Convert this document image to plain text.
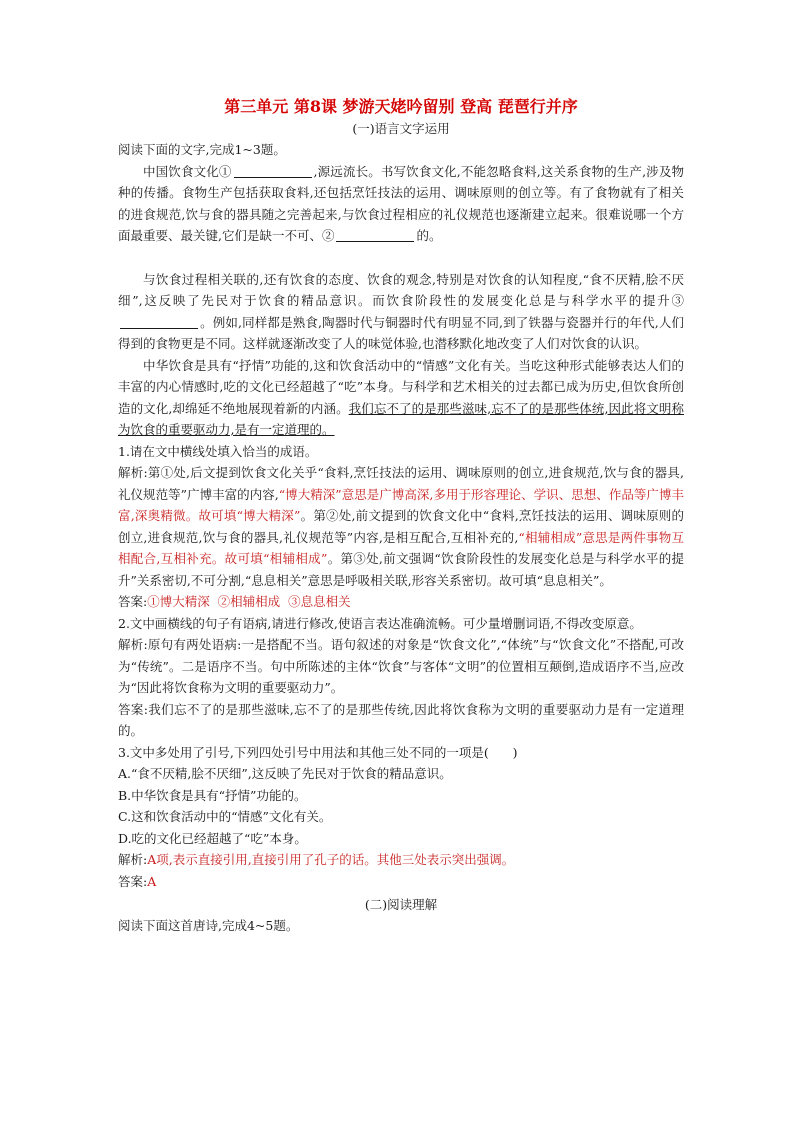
第三单元 第8课 梦游天姥吟留别 登高 琵琶行并序
(一)语言文字运用

阅读下面的文字,完成1~3题。

中国饮食文化①	,源远流长。书写饮食文化,不能忽略食料,这关系食物的生产,涉及物种的传播。食物生产包括获取食料,还包括烹饪技法的运用、调味原则的创立等。有了食物就有了相关的进食规范,饮与食的器具随之完善起来,与饮食过程相应的礼仪规范也逐渐建立起来。很难说哪一个方面最重要、最关键,它们是缺一不可、②	的。

与饮食过程相关联的,还有饮食的态度、饮食的观念,特别是对饮食的认知程度,“食不厌精,脍不厌细”,这反映了先民对于饮食的精品意识。而饮食阶段性的发展变化总是与科学水平的提升③。例如,同样都是熟食,陶器时代与铜器时代有明显不同,到了铁器与瓷器并行的年代,人们得到的食物更是不同。这样就逐渐改变了人的味觉体验,也潜移默化地改变了人们对饮食的认识。

中华饮食是具有“抒情”功能的,这和饮食活动中的“情感”文化有关。当吃这种形式能够表达人们的丰富的内心情感时,吃的文化已经超越了“吃”本身。与科学和艺术相关的过去都已成为历史,但饮食所创造的文化,却绵延不绝地展现着新的内涵。我们忘不了的是那些滋味,忘不了的是那些体统,因此将文明称为饮食的重要驱动力,是有一定道理的。

1.请在文中横线处填入恰当的成语。

解析:第①处,后文提到饮食文化关乎“食料,烹饪技法的运用、调味原则的创立,进食规范,饮与食的器具,礼仪规范等”广博丰富的内容,“博大精深”意思是广博高深,多用于形容理论、学识、思想、作品等广博丰富,深奥精微。故可填“博大精深”。第②处,前文提到的饮食文化中“食料,烹饪技法的运用、调味原则的创立,进食规范,饮与食的器具,礼仪规范等”内容,是相互配合,互相补充的,“相辅相成”意思是两件事物互相配合,互相补充。故可填“相辅相成”。第③处,前文强调“饮食阶段性的发展变化总是与科学水平的提升”关系密切,不可分割,“息息相关”意思是呼吸相关联,形容关系密切。故可填“息息相关”。

答案:①博大精深  ②相辅相成  ③息息相关

2.文中画横线的句子有语病,请进行修改,使语言表达准确流畅。可少量增删词语,不得改变原意。

解析:原句有两处语病:一是搭配不当。语句叙述的对象是“饮食文化”,“体统”与“饮食文化”不搭配,可改为“传统”。二是语序不当。句中所陈述的主体“饮食”与客体“文明”的位置相互颠倒,造成语序不当,应改为“因此将饮食称为文明的重要驱动力”。

答案:我们忘不了的是那些滋味,忘不了的是那些传统,因此将饮食称为文明的重要驱动力是有一定道理的。

3.文中多处用了引号,下列四处引号中用法和其他三处不同的一项是(      )

A.“食不厌精,脍不厌细”,这反映了先民对于饮食的精品意识。

B.中华饮食是具有“抒情”功能的。

C.这和饮食活动中的“情感”文化有关。

D.吃的文化已经超越了“吃”本身。

解析:A项,表示直接引用,直接引用了孔子的话。其他三处表示突出强调。

答案:A

(二)阅读理解

阅读下面这首唐诗,完成4~5题。
